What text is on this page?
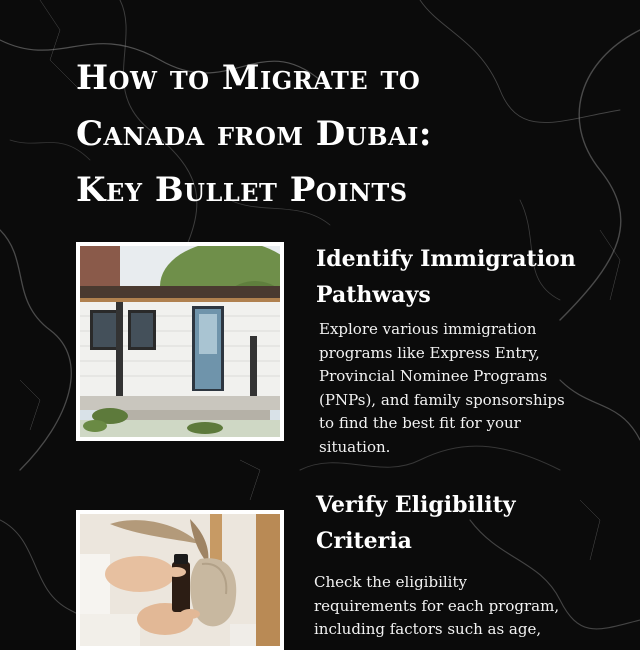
How to Migrate to
Canada from Dubai:
Key Bullet Points
Identify Immigration
Pathways
Explore various immigration
programs like Express Entry,
Provincial Nominee Programs
(PNPs), and family sponsorships
to find the best fit for your
situation.
Verify Eligibility
Criteria
Check the eligibility
requirements for each program,
including factors such as age,
